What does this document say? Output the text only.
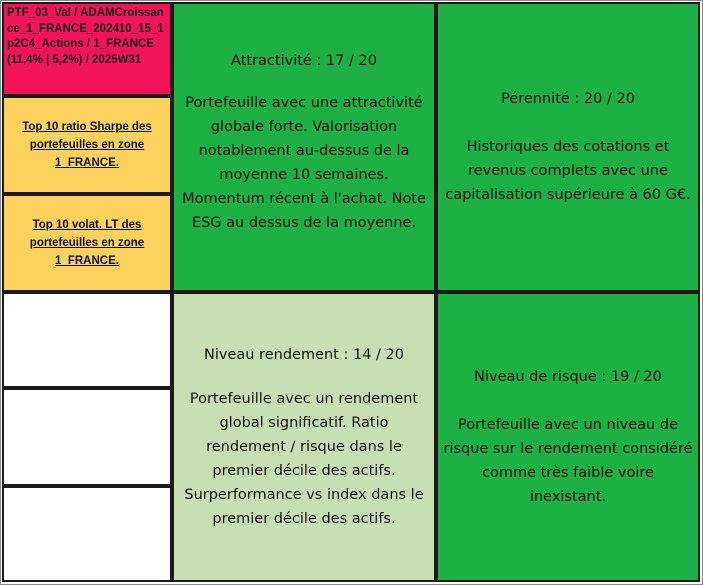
PTF_03_Val / ADAMCroissance_1_FRANCE_202410_15_1p2C4_Actions / 1_FRANCE (11,4% | 5,2%) / 2025W31
Top 10 ratio Sharpe des portefeuilles en zone 1_FRANCE.
Top 10 volat. LT des portefeuilles en zone 1_FRANCE.
Attractivité : 17 / 20
Portefeuille avec une attractivité globale forte. Valorisation notablement au-dessus de la moyenne 10 semaines. Momentum récent à l'achat. Note ESG au dessus de la moyenne.
Pérennité : 20 / 20
Historiques des cotations et revenus complets avec une capitalisation supérieure à 60 G€.
Niveau rendement : 14 / 20
Portefeuille avec un rendement global significatif. Ratio rendement / risque dans le premier décile des actifs. Surperformance vs index dans le premier décile des actifs.
Niveau de risque : 19 / 20
Portefeuille avec un niveau de risque sur le rendement considéré comme très faible voire inexistant.
